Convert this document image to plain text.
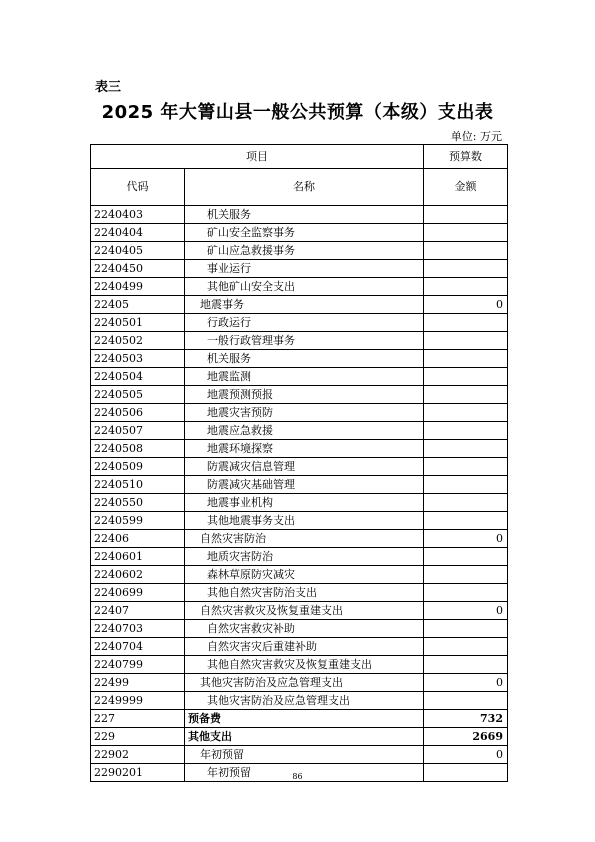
表三
2025 年大箐山县一般公共预算（本级）支出表
单位: 万元
项目		预算数
代码	名称	金额
2240403	机关服务	
2240404	矿山安全监察事务	
2240405	矿山应急救援事务	
2240450	事业运行	
2240499	其他矿山安全支出	
22405	地震事务	0
2240501	行政运行	
2240502	一般行政管理事务	
2240503	机关服务	
2240504	地震监测	
2240505	地震预测预报	
2240506	地震灾害预防	
2240507	地震应急救援	
2240508	地震环境探察	
2240509	防震减灾信息管理	
2240510	防震减灾基础管理	
2240550	地震事业机构	
2240599	其他地震事务支出	
22406	自然灾害防治	0
2240601	地质灾害防治	
2240602	森林草原防灾减灾	
2240699	其他自然灾害防治支出	
22407	自然灾害救灾及恢复重建支出	0
2240703	自然灾害救灾补助	
2240704	自然灾害灾后重建补助	
2240799	其他自然灾害救灾及恢复重建支出	
22499	其他灾害防治及应急管理支出	0
2249999	其他灾害防治及应急管理支出	
227	预备费	732
229	其他支出	2669
22902	年初预留	0
2290201	年初预留		86
